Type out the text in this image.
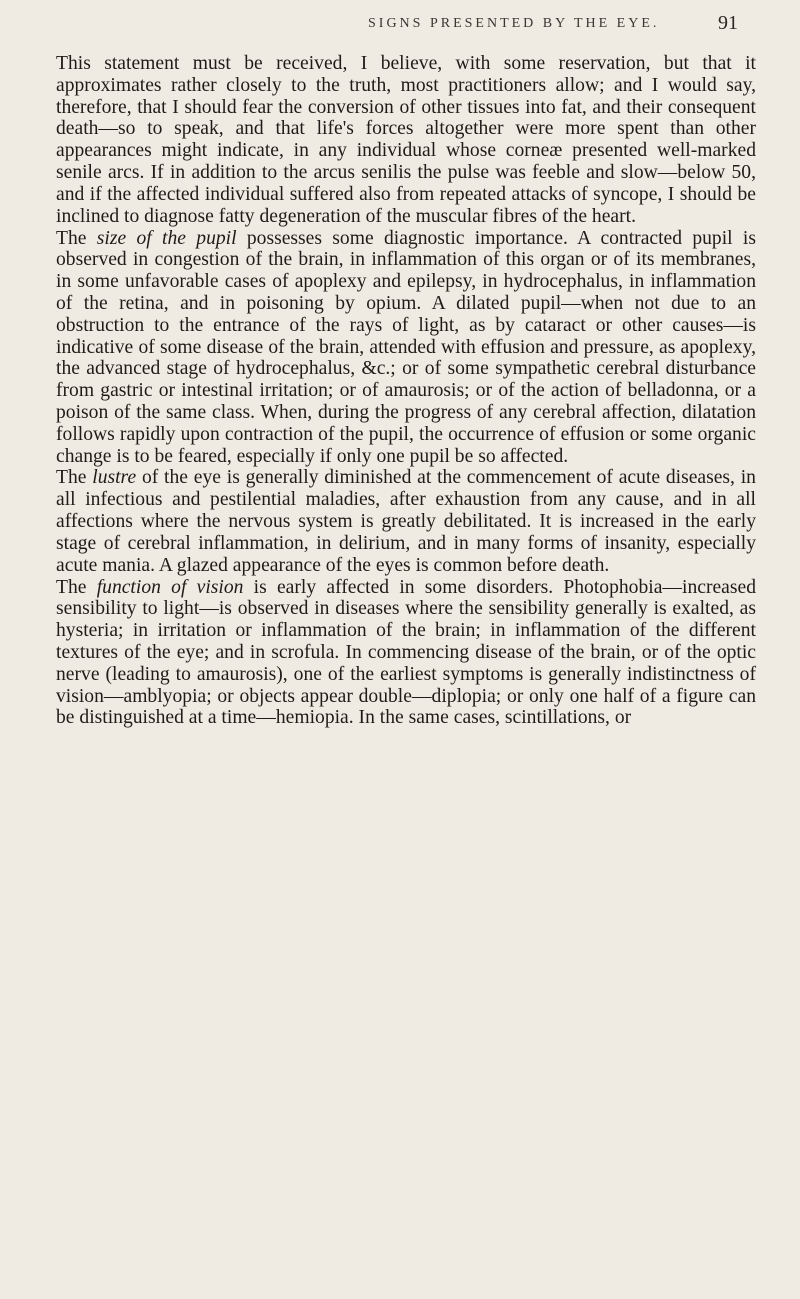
SIGNS PRESENTED BY THE EYE.	91

This statement must be received, I believe, with some reservation, but that it approximates rather closely to the truth, most practitioners allow; and I would say, therefore, that I should fear the conversion of other tissues into fat, and their consequent death—so to speak, and that life's forces altogether were more spent than other appearances might indicate, in any individual whose corneæ presented well-marked senile arcs. If in addition to the arcus senilis the pulse was feeble and slow—below 50, and if the affected individual suffered also from repeated attacks of syncope, I should be inclined to diagnose fatty degeneration of the muscular fibres of the heart.

The size of the pupil possesses some diagnostic importance. A contracted pupil is observed in congestion of the brain, in inflammation of this organ or of its membranes, in some unfavorable cases of apoplexy and epilepsy, in hydrocephalus, in inflammation of the retina, and in poisoning by opium. A dilated pupil—when not due to an obstruction to the entrance of the rays of light, as by cataract or other causes—is indicative of some disease of the brain, attended with effusion and pressure, as apoplexy, the advanced stage of hydrocephalus, &c.; or of some sympathetic cerebral disturbance from gastric or intestinal irritation; or of amaurosis; or of the action of belladonna, or a poison of the same class. When, during the progress of any cerebral affection, dilatation follows rapidly upon contraction of the pupil, the occurrence of effusion or some organic change is to be feared, especially if only one pupil be so affected.

The lustre of the eye is generally diminished at the commencement of acute diseases, in all infectious and pestilential maladies, after exhaustion from any cause, and in all affections where the nervous system is greatly debilitated. It is increased in the early stage of cerebral inflammation, in delirium, and in many forms of insanity, especially acute mania. A glazed appearance of the eyes is common before death.

The function of vision is early affected in some disorders. Photophobia—increased sensibility to light—is observed in diseases where the sensibility generally is exalted, as hysteria; in irritation or inflammation of the brain; in inflammation of the different textures of the eye; and in scrofula. In commencing disease of the brain, or of the optic nerve (leading to amaurosis), one of the earliest symptoms is generally indistinctness of vision—amblyopia; or objects appear double—diplopia; or only one half of a figure can be distinguished at a time—hemiopia. In the same cases, scintillations, or
